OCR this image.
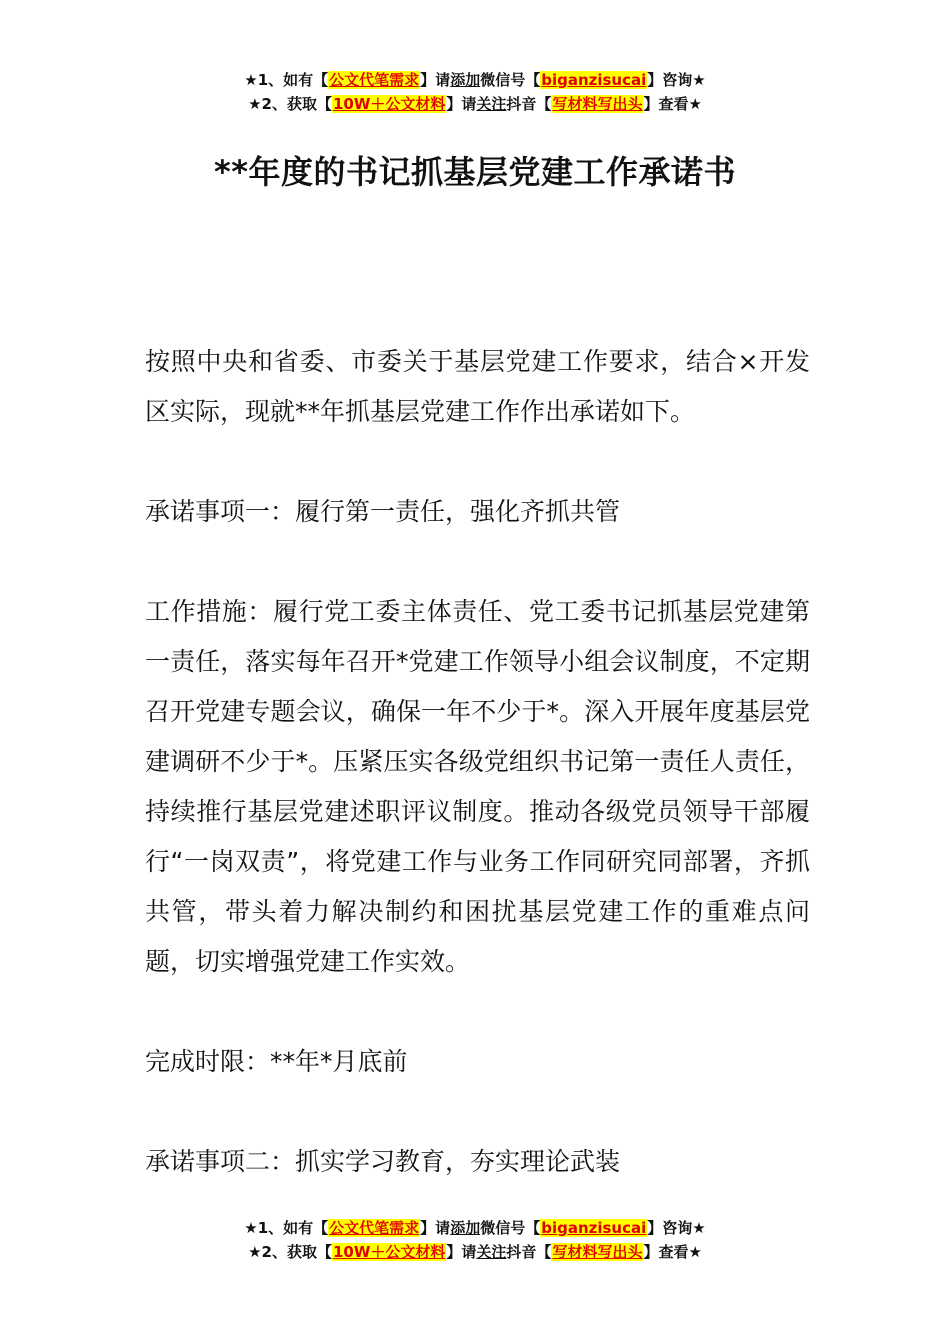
★1、如有【公文代笔需求】请添加微信号【biganzisucai】咨询★
★2、获取【10W＋公文材料】请关注抖音【写材料写出头】查看★
**年度的书记抓基层党建工作承诺书

按照中央和省委、市委关于基层党建工作要求，结合×开发区实际，现就**年抓基层党建工作作出承诺如下。

承诺事项一：履行第一责任，强化齐抓共管

工作措施：履行党工委主体责任、党工委书记抓基层党建第一责任，落实每年召开*党建工作领导小组会议制度，不定期召开党建专题会议，确保一年不少于*。深入开展年度基层党建调研不少于*。压紧压实各级党组织书记第一责任人责任，持续推行基层党建述职评议制度。推动各级党员领导干部履行“一岗双责”，将党建工作与业务工作同研究同部署，齐抓共管，带头着力解决制约和困扰基层党建工作的重难点问题，切实增强党建工作实效。

完成时限：**年*月底前

承诺事项二：抓实学习教育，夯实理论武装

★1、如有【公文代笔需求】请添加微信号【biganzisucai】咨询★
★2、获取【10W＋公文材料】请关注抖音【写材料写出头】查看★
